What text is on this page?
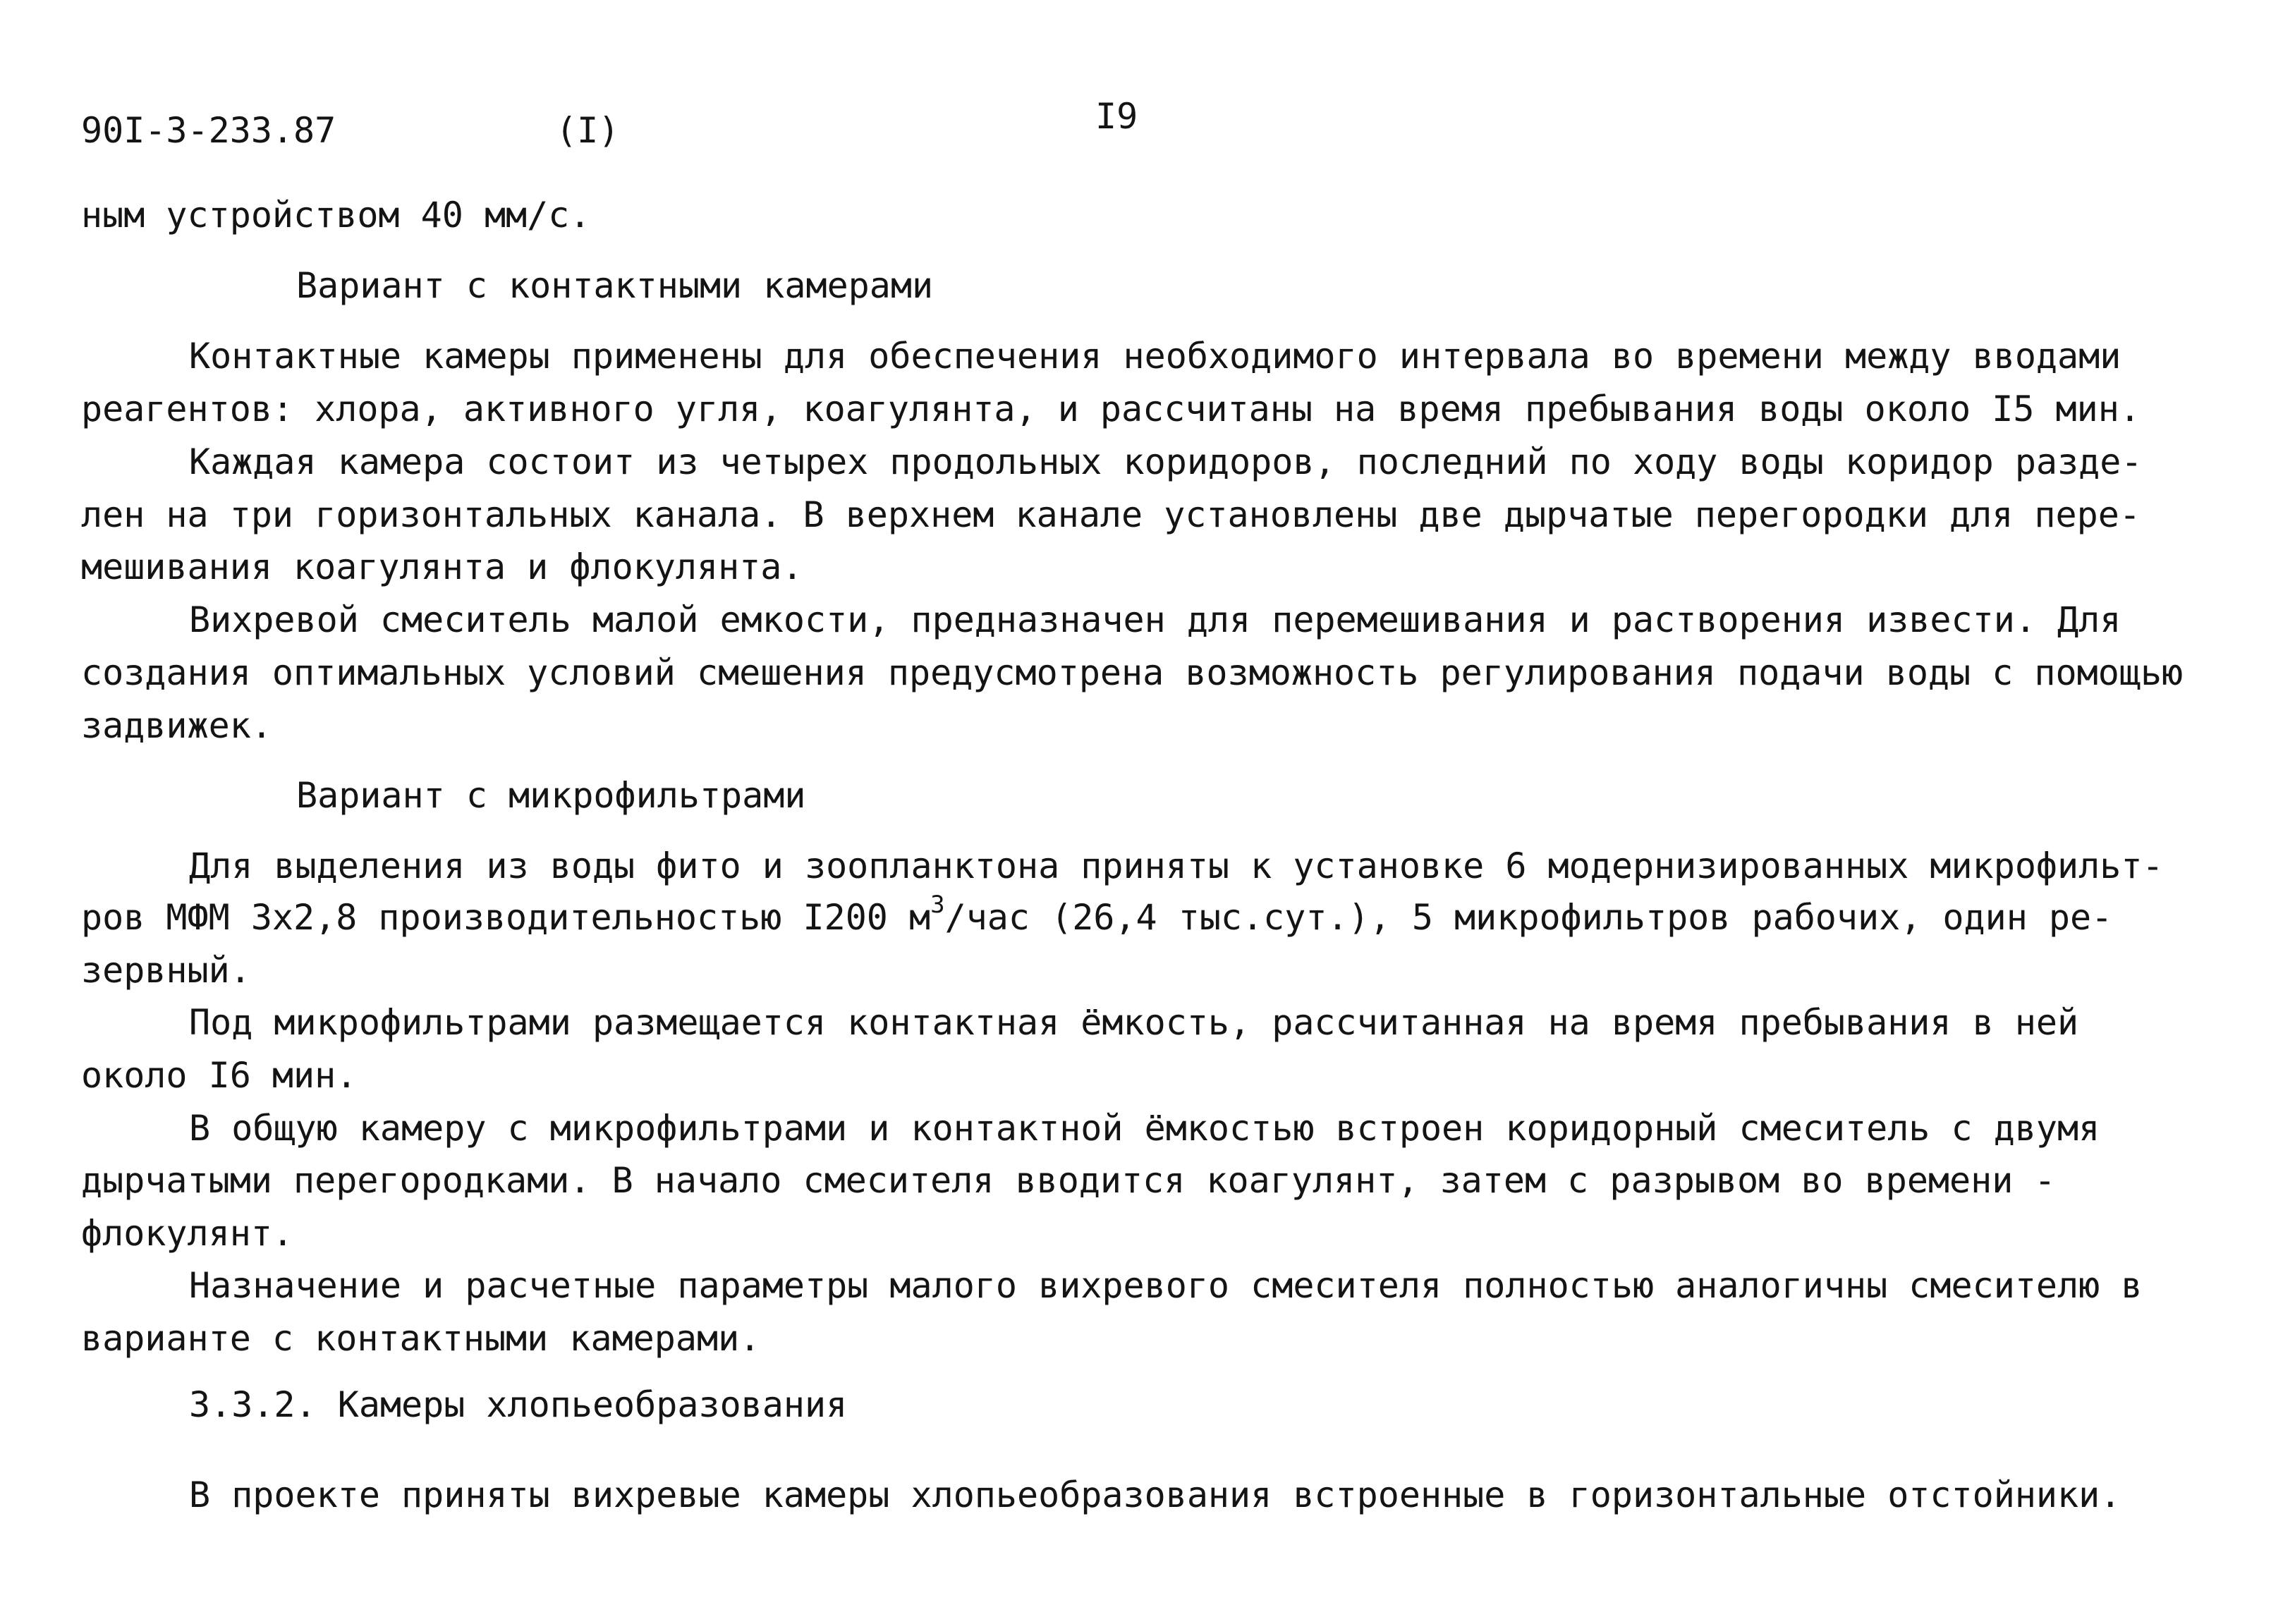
90I-3-233.87	(I)	I9
ным устройством 40 мм/с.
Вариант с контактными камерами
Контактные камеры применены для обеспечения необходимого интервала во времени между вводами
реагентов: хлора, активного угля, коагулянта, и рассчитаны на время пребывания воды около I5 мин.
Каждая камера состоит из четырех продольных коридоров, последний по ходу воды коридор разде-
лен на три горизонтальных канала. В верхнем канале установлены две дырчатые перегородки для пере-
мешивания коагулянта и флокулянта.
Вихревой смеситель малой емкости, предназначен для перемешивания и растворения извести. Для
создания оптимальных условий смешения предусмотрена возможность регулирования подачи воды с помощью
задвижек.
Вариант с микрофильтрами
Для выделения из воды фито и зоопланктона приняты к установке 6 модернизированных микрофильт-
ров МФМ 3х2,8 производительностью I200 $м^3$/час (26,4 тыс.сут.), 5 микрофильтров рабочих, один ре-
зервный.
Под микрофильтрами размещается контактная ёмкость, рассчитанная на время пребывания в ней
около I6 мин.
В общую камеру с микрофильтрами и контактной ёмкостью встроен коридорный смеситель с двумя
дырчатыми перегородками. В начало смесителя вводится коагулянт, затем с разрывом во времени -
флокулянт.
Назначение и расчетные параметры малого вихревого смесителя полностью аналогичны смесителю в
варианте с контактными камерами.
3.3.2. Камеры хлопьеобразования
В проекте приняты вихревые камеры хлопьеобразования встроенные в горизонтальные отстойники.
